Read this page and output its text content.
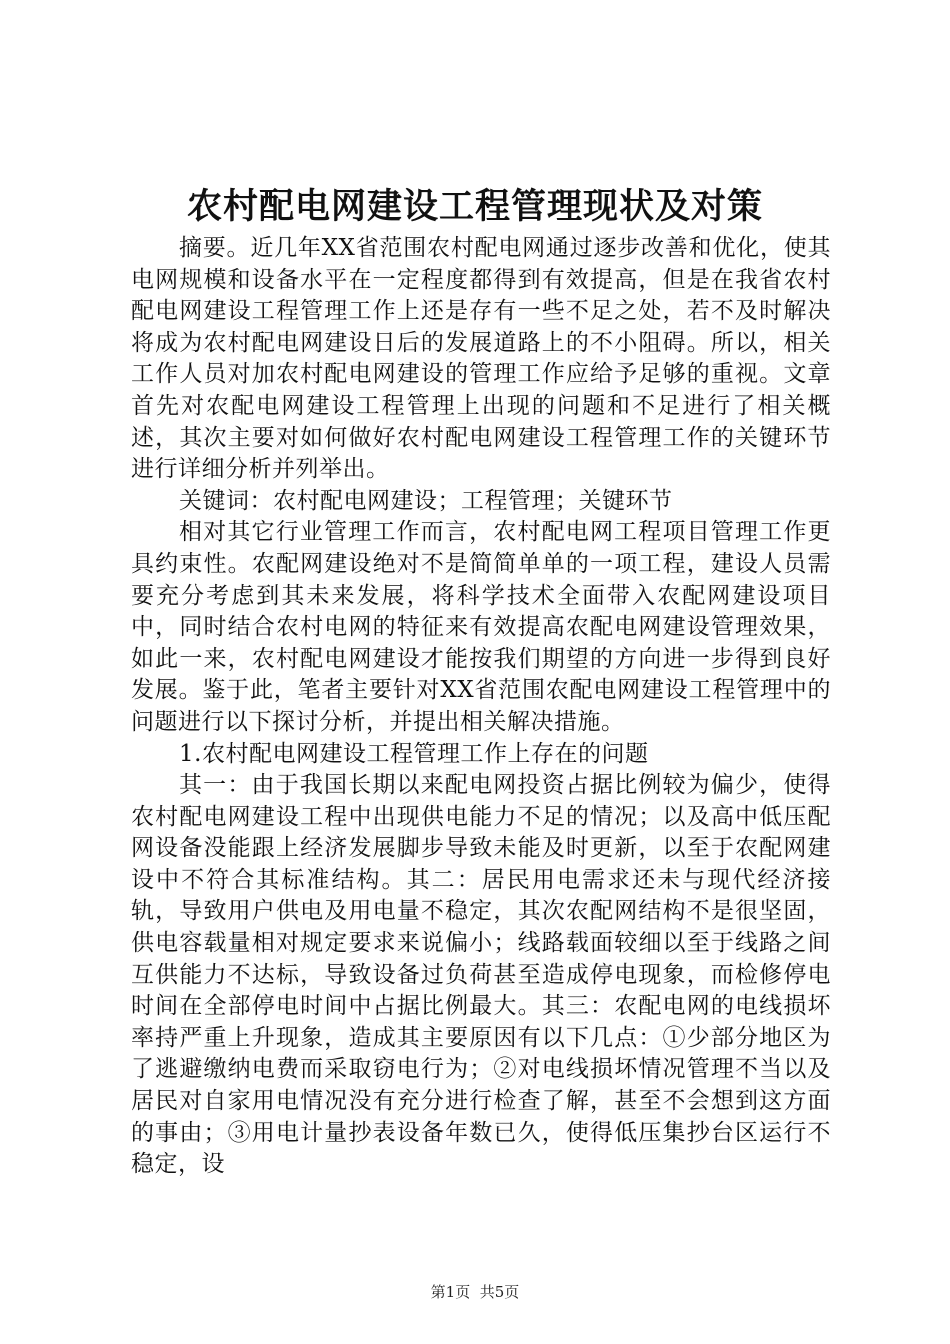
农村配电网建设工程管理现状及对策

摘要。近几年XX省范围农村配电网通过逐步改善和优化，使其电网规模和设备水平在一定程度都得到有效提高，但是在我省农村配电网建设工程管理工作上还是存有一些不足之处，若不及时解决将成为农村配电网建设日后的发展道路上的不小阻碍。所以，相关工作人员对加农村配电网建设的管理工作应给予足够的重视。文章首先对农配电网建设工程管理上出现的问题和不足进行了相关概述，其次主要对如何做好农村配电网建设工程管理工作的关键环节进行详细分析并列举出。

关键词：农村配电网建设；工程管理；关键环节

相对其它行业管理工作而言，农村配电网工程项目管理工作更具约束性。农配网建设绝对不是简简单单的一项工程，建设人员需要充分考虑到其未来发展，将科学技术全面带入农配网建设项目中，同时结合农村电网的特征来有效提高农配电网建设管理效果，如此一来，农村配电网建设才能按我们期望的方向进一步得到良好发展。鉴于此，笔者主要针对XX省范围农配电网建设工程管理中的问题进行以下探讨分析，并提出相关解决措施。

1.农村配电网建设工程管理工作上存在的问题

其一：由于我国长期以来配电网投资占据比例较为偏少，使得农村配电网建设工程中出现供电能力不足的情况；以及高中低压配网设备没能跟上经济发展脚步导致未能及时更新，以至于农配网建设中不符合其标准结构。其二：居民用电需求还未与现代经济接轨，导致用户供电及用电量不稳定，其次农配网结构不是很坚固，供电容载量相对规定要求来说偏小；线路载面较细以至于线路之间互供能力不达标，导致设备过负荷甚至造成停电现象，而检修停电时间在全部停电时间中占据比例最大。其三：农配电网的电线损坏率持严重上升现象，造成其主要原因有以下几点：①少部分地区为了逃避缴纳电费而采取窃电行为；②对电线损坏情况管理不当以及居民对自家用电情况没有充分进行检查了解，甚至不会想到这方面的事由；③用电计量抄表设备年数已久，使得低压集抄台区运行不稳定，设

第1页 共5页
